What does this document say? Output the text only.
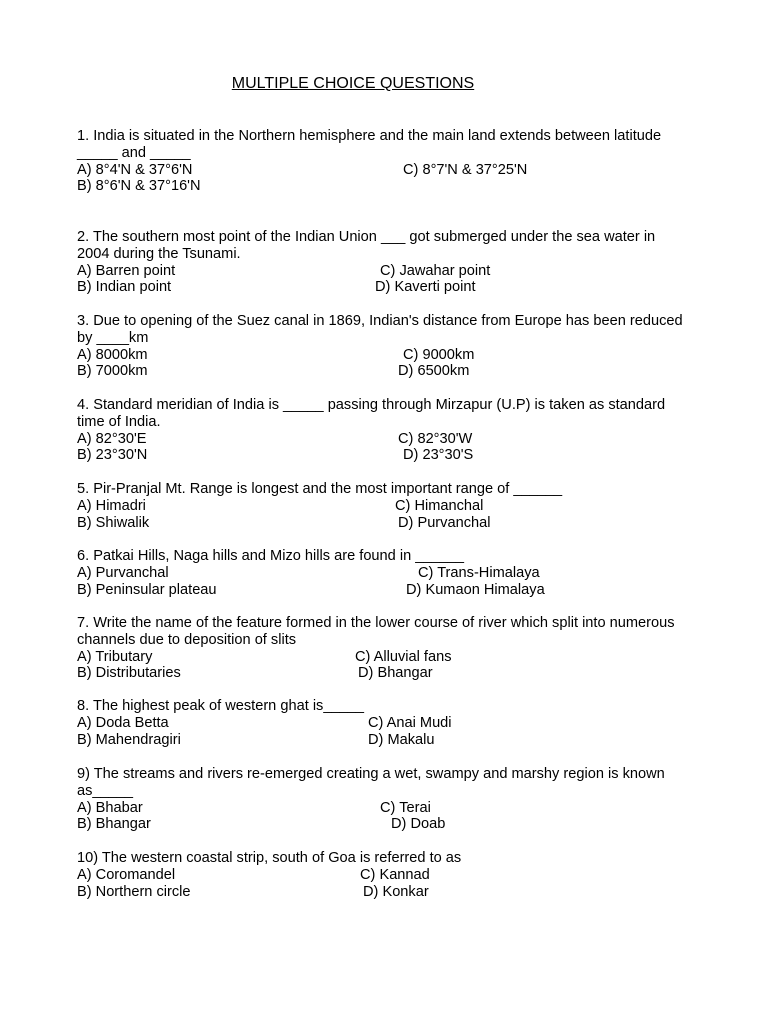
MULTIPLE CHOICE QUESTIONS
1. India is situated in the Northern hemisphere and the main land extends between latitude
_____ and _____
A) 8°4'N & 37°6'N	C) 8°7'N & 37°25'N
B) 8°6'N & 37°16'N
2. The southern most point of the Indian Union ___ got submerged under the sea water in
2004 during the Tsunami.
A) Barren point	C) Jawahar point
B) Indian point	D) Kaverti point
3. Due to opening of the Suez canal in 1869, Indian's distance from Europe has been reduced
by ____km
A) 8000km	C) 9000km
B) 7000km	D) 6500km
4. Standard meridian of India is _____ passing through Mirzapur (U.P) is taken as standard
time of India.
A) 82°30'E	C) 82°30'W
B) 23°30'N	D) 23°30'S
5. Pir-Pranjal Mt. Range is longest and the most important range of ______
A) Himadri	C) Himanchal
B) Shiwalik	D) Purvanchal
6. Patkai Hills, Naga hills and Mizo hills are found in ______
A) Purvanchal	C) Trans-Himalaya
B) Peninsular plateau	D) Kumaon Himalaya
7. Write the name of the feature formed in the lower course of river which split into numerous
channels due to deposition of slits
A) Tributary	C) Alluvial fans
B) Distributaries	D) Bhangar
8. The highest peak of western ghat is_____
A) Doda Betta	C) Anai Mudi
B) Mahendragiri	D) Makalu
9) The streams and rivers re-emerged creating a wet, swampy and marshy region is known
as_____
A) Bhabar	C) Terai
B) Bhangar	D) Doab
10) The western coastal strip, south of Goa is referred to as
A) Coromandel	C) Kannad
B) Northern circle	D) Konkar
